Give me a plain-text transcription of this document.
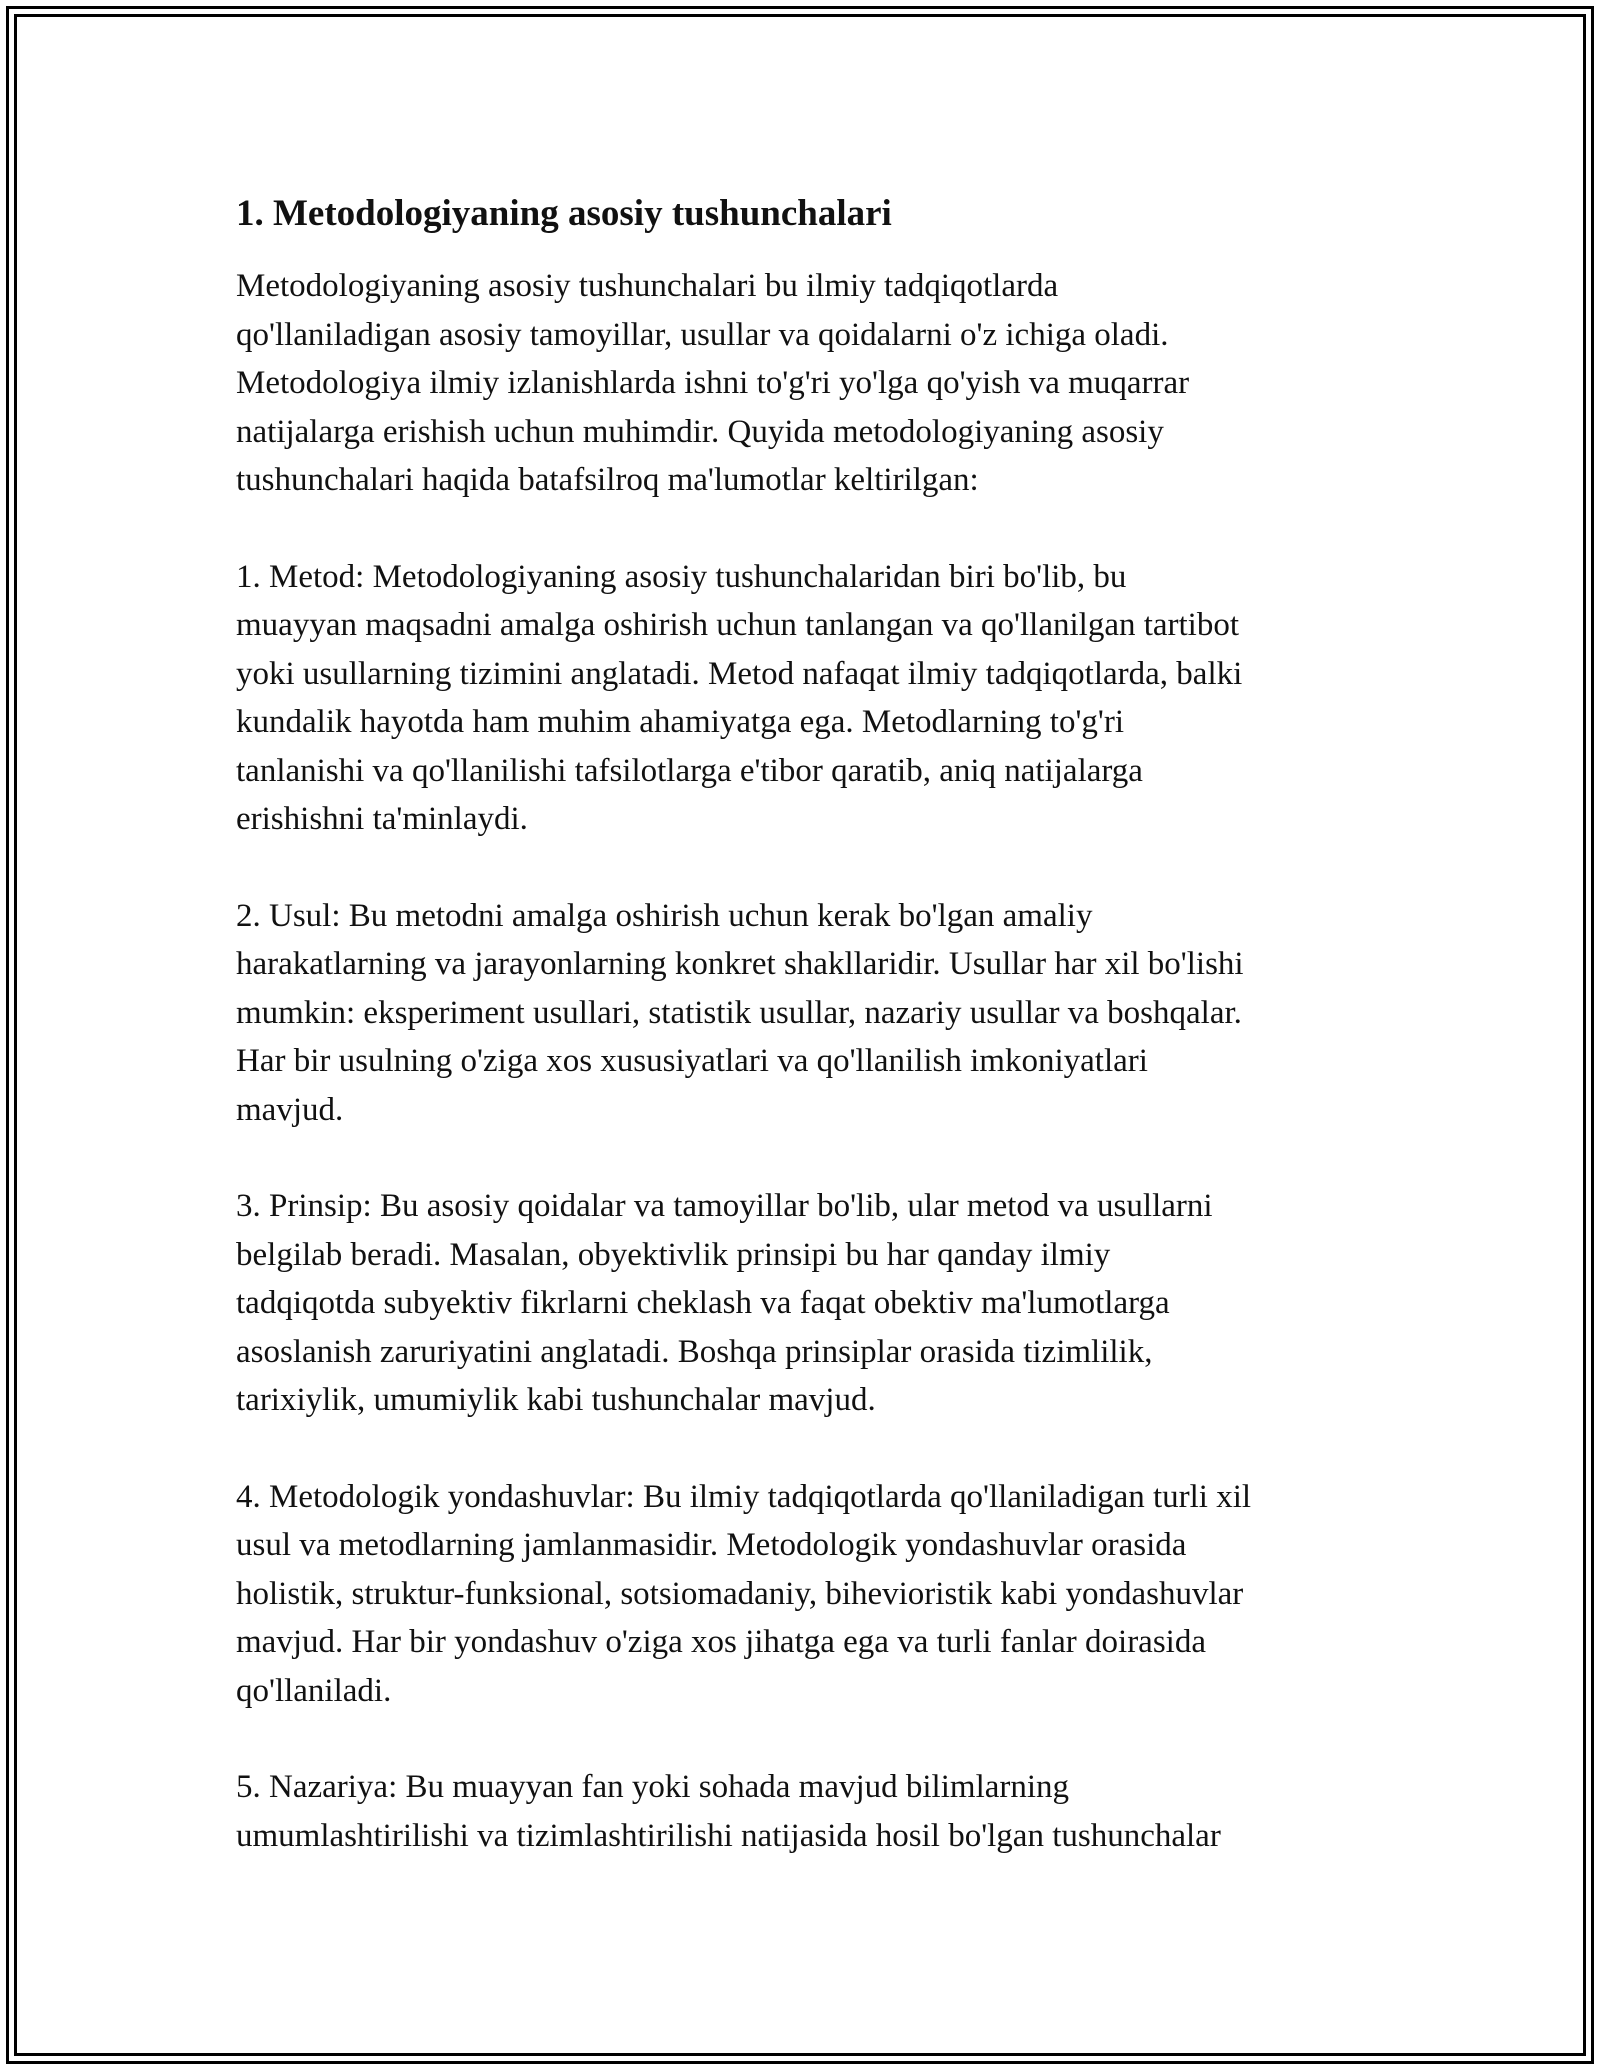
1. Metodologiyaning asosiy tushunchalari

Metodologiyaning asosiy tushunchalari bu ilmiy tadqiqotlarda
qo'llaniladigan asosiy tamoyillar, usullar va qoidalarni o'z ichiga oladi.
Metodologiya ilmiy izlanishlarda ishni to'g'ri yo'lga qo'yish va muqarrar
natijalarga erishish uchun muhimdir. Quyida metodologiyaning asosiy
tushunchalari haqida batafsilroq ma'lumotlar keltirilgan:

1. Metod: Metodologiyaning asosiy tushunchalaridan biri bo'lib, bu
muayyan maqsadni amalga oshirish uchun tanlangan va qo'llanilgan tartibot
yoki usullarning tizimini anglatadi. Metod nafaqat ilmiy tadqiqotlarda, balki
kundalik hayotda ham muhim ahamiyatga ega. Metodlarning to'g'ri
tanlanishi va qo'llanilishi tafsilotlarga e'tibor qaratib, aniq natijalarga
erishishni ta'minlaydi.

2. Usul: Bu metodni amalga oshirish uchun kerak bo'lgan amaliy
harakatlarning va jarayonlarning konkret shakllaridir. Usullar har xil bo'lishi
mumkin: eksperiment usullari, statistik usullar, nazariy usullar va boshqalar.
Har bir usulning o'ziga xos xususiyatlari va qo'llanilish imkoniyatlari
mavjud.

3. Prinsip: Bu asosiy qoidalar va tamoyillar bo'lib, ular metod va usullarni
belgilab beradi. Masalan, obyektivlik prinsipi bu har qanday ilmiy
tadqiqotda subyektiv fikrlarni cheklash va faqat obektiv ma'lumotlarga
asoslanish zaruriyatini anglatadi. Boshqa prinsiplar orasida tizimlilik,
tarixiylik, umumiylik kabi tushunchalar mavjud.

4. Metodologik yondashuvlar: Bu ilmiy tadqiqotlarda qo'llaniladigan turli xil
usul va metodlarning jamlanmasidir. Metodologik yondashuvlar orasida
holistik, struktur-funksional, sotsiomadaniy, bihevioristik kabi yondashuvlar
mavjud. Har bir yondashuv o'ziga xos jihatga ega va turli fanlar doirasida
qo'llaniladi.

5. Nazariya: Bu muayyan fan yoki sohada mavjud bilimlarning
umumlashtirilishi va tizimlashtirilishi natijasida hosil bo'lgan tushunchalar
